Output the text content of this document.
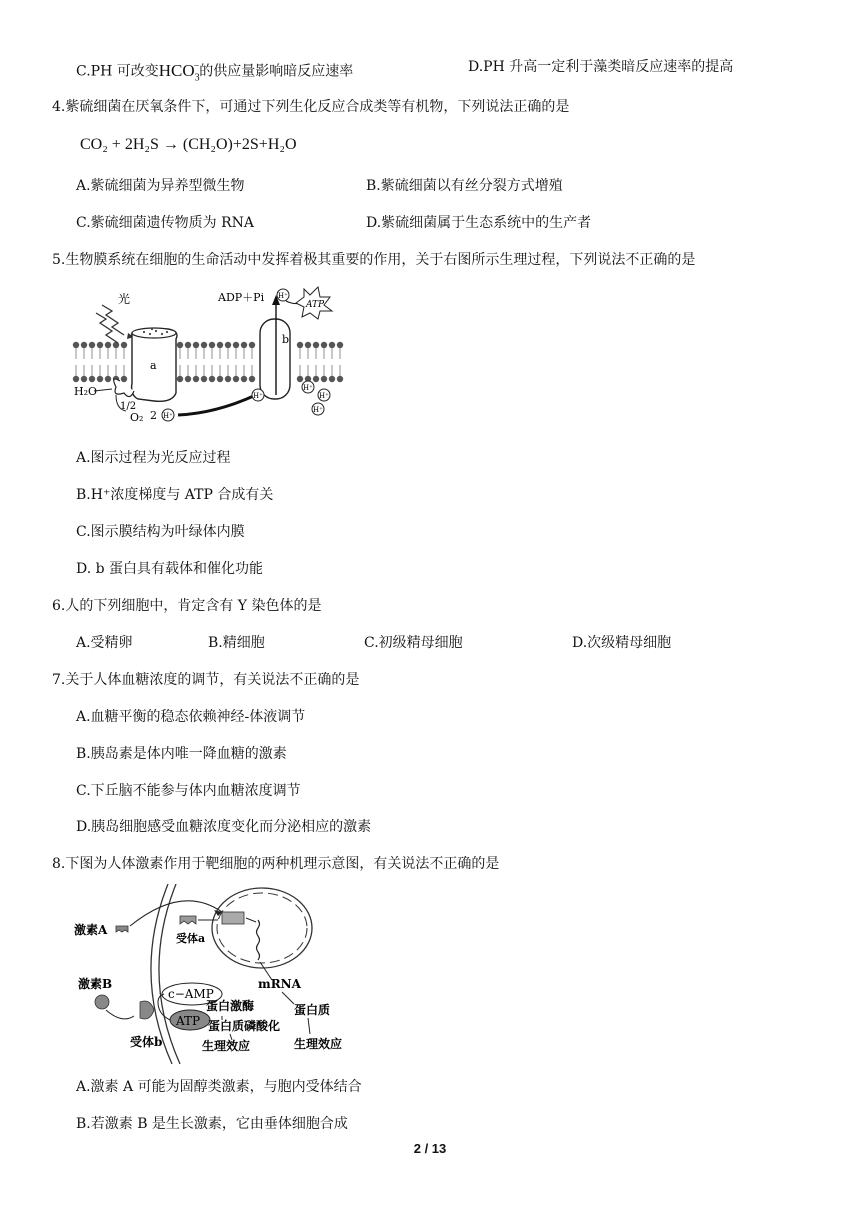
C.PH 可改变$HCO_3^-$的供应量影响暗反应速率	D.PH 升高一定利于藻类暗反应速率的提高
4.紫硫细菌在厌氧条件下，可通过下列生化反应合成类等有机物，下列说法正确的是
CO₂ + 2H₂S → (CH₂O)+2S+H₂O
A.紫硫细菌为异养型微生物	B.紫硫细菌以有丝分裂方式增殖
C.紫硫细菌遗传物质为 RNA	D.紫硫细菌属于生态系统中的生产者
5.生物膜系统在细胞的生命活动中发挥着极其重要的作用，关于右图所示生理过程，下列说法不正确的是
光
a
H₂O
1/2
O₂ 2 H⁺
b
ADP＋Pi H⁺
ATP
H⁺
H⁺
H⁺
H⁺
A.图示过程为光反应过程
B.H⁺浓度梯度与 ATP 合成有关
C.图示膜结构为叶绿体内膜
D. b 蛋白具有载体和催化功能
6.人的下列细胞中，肯定含有 Y 染色体的是
A.受精卵	B.精细胞	C.初级精母细胞	D.次级精母细胞
7.关于人体血糖浓度的调节，有关说法不正确的是
A.血糖平衡的稳态依赖神经-体液调节
B.胰岛素是体内唯一降血糖的激素
C.下丘脑不能参与体内血糖浓度调节
D.胰岛细胞感受血糖浓度变化而分泌相应的激素
8.下图为人体激素作用于靶细胞的两种机理示意图，有关说法不正确的是
激素A
受体a
mRNA
蛋白质
生理效应
激素B
受体b
c−AMP
ATP
蛋白激酶
蛋白质磷酸化
生理效应
A.激素 A 可能为固醇类激素，与胞内受体结合
B.若激素 B 是生长激素，它由垂体细胞合成
2 / 13
